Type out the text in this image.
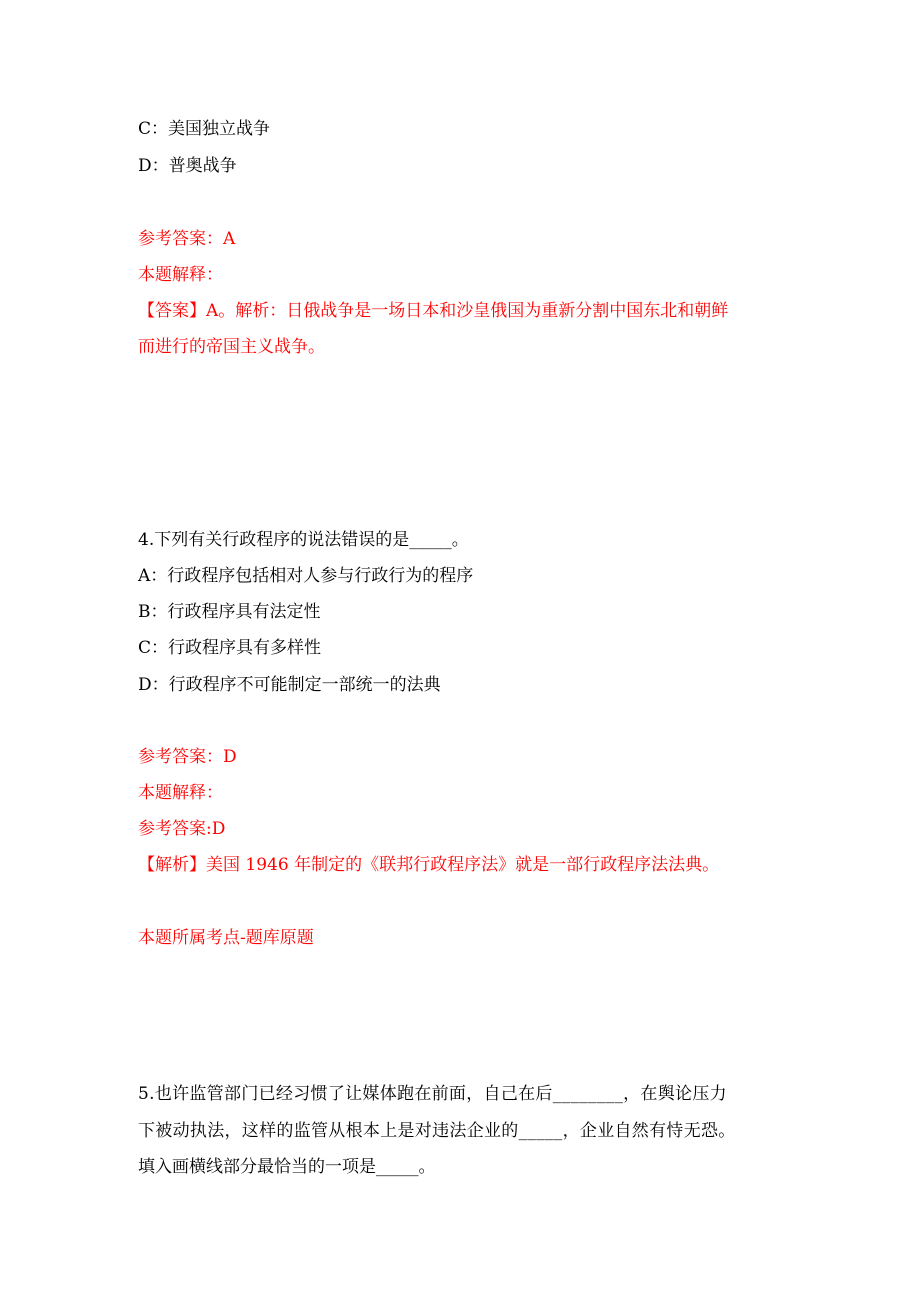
C：美国独立战争
D：普奥战争
参考答案：A
本题解释：
【答案】A。解析：日俄战争是一场日本和沙皇俄国为重新分割中国东北和朝鲜
而进行的帝国主义战争。
4.下列有关行政程序的说法错误的是_____。
A：行政程序包括相对人参与行政行为的程序
B：行政程序具有法定性
C：行政程序具有多样性
D：行政程序不可能制定一部统一的法典
参考答案：D
本题解释：
参考答案:D
【解析】美国 1946 年制定的《联邦行政程序法》就是一部行政程序法法典。
本题所属考点-题库原题
5.也许监管部门已经习惯了让媒体跑在前面，自己在后________，在舆论压力
下被动执法，这样的监管从根本上是对违法企业的_____，企业自然有恃无恐。
填入画横线部分最恰当的一项是_____。
